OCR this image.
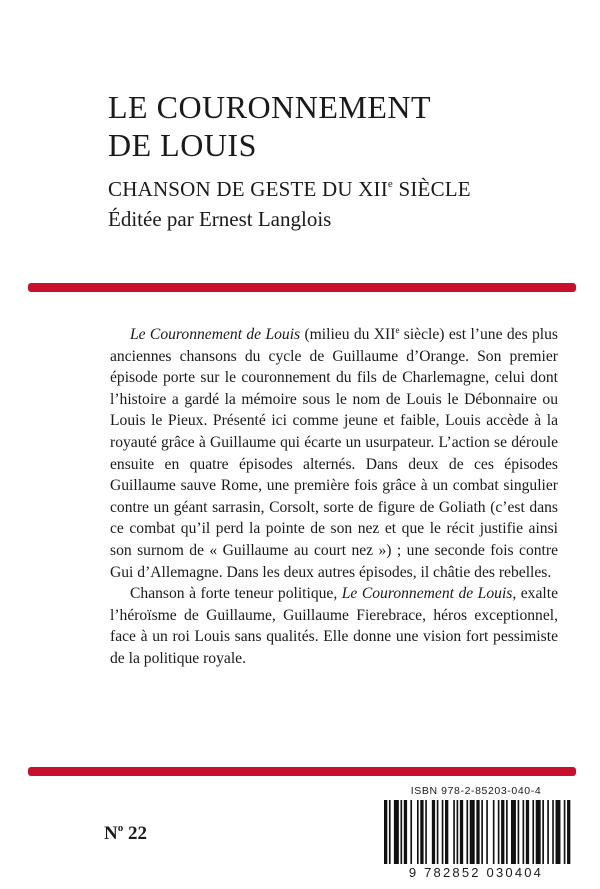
LE COURONNEMENT
DE LOUIS
CHANSON DE GESTE DU XIIe SIÈCLE
Éditée par Ernest Langlois

Le Couronnement de Louis (milieu du XIIe siècle) est l’une des plus anciennes chansons du cycle de Guillaume d’Orange. Son premier épisode porte sur le couronnement du fils de Charlemagne, celui dont l’histoire a gardé la mémoire sous le nom de Louis le Débonnaire ou Louis le Pieux. Présenté ici comme jeune et faible, Louis accède à la royauté grâce à Guillaume qui écarte un usurpateur. L’action se déroule ensuite en quatre épisodes alternés. Dans deux de ces épisodes Guillaume sauve Rome, une première fois grâce à un combat singulier contre un géant sarrasin, Corsolt, sorte de figure de Goliath (c’est dans ce combat qu’il perd la pointe de son nez et que le récit justifie ainsi son surnom de « Guillaume au court nez ») ; une seconde fois contre Gui d’Allemagne. Dans les deux autres épisodes, il châtie des rebelles.

Chanson à forte teneur politique, Le Couronnement de Louis, exalte l’héroïsme de Guillaume, Guillaume Fierebrace, héros exceptionnel, face à un roi Louis sans qualités. Elle donne une vision fort pessimiste de la politique royale.

$N^o$ 22
ISBN 978-2-85203-040-4
9 782852 030404
